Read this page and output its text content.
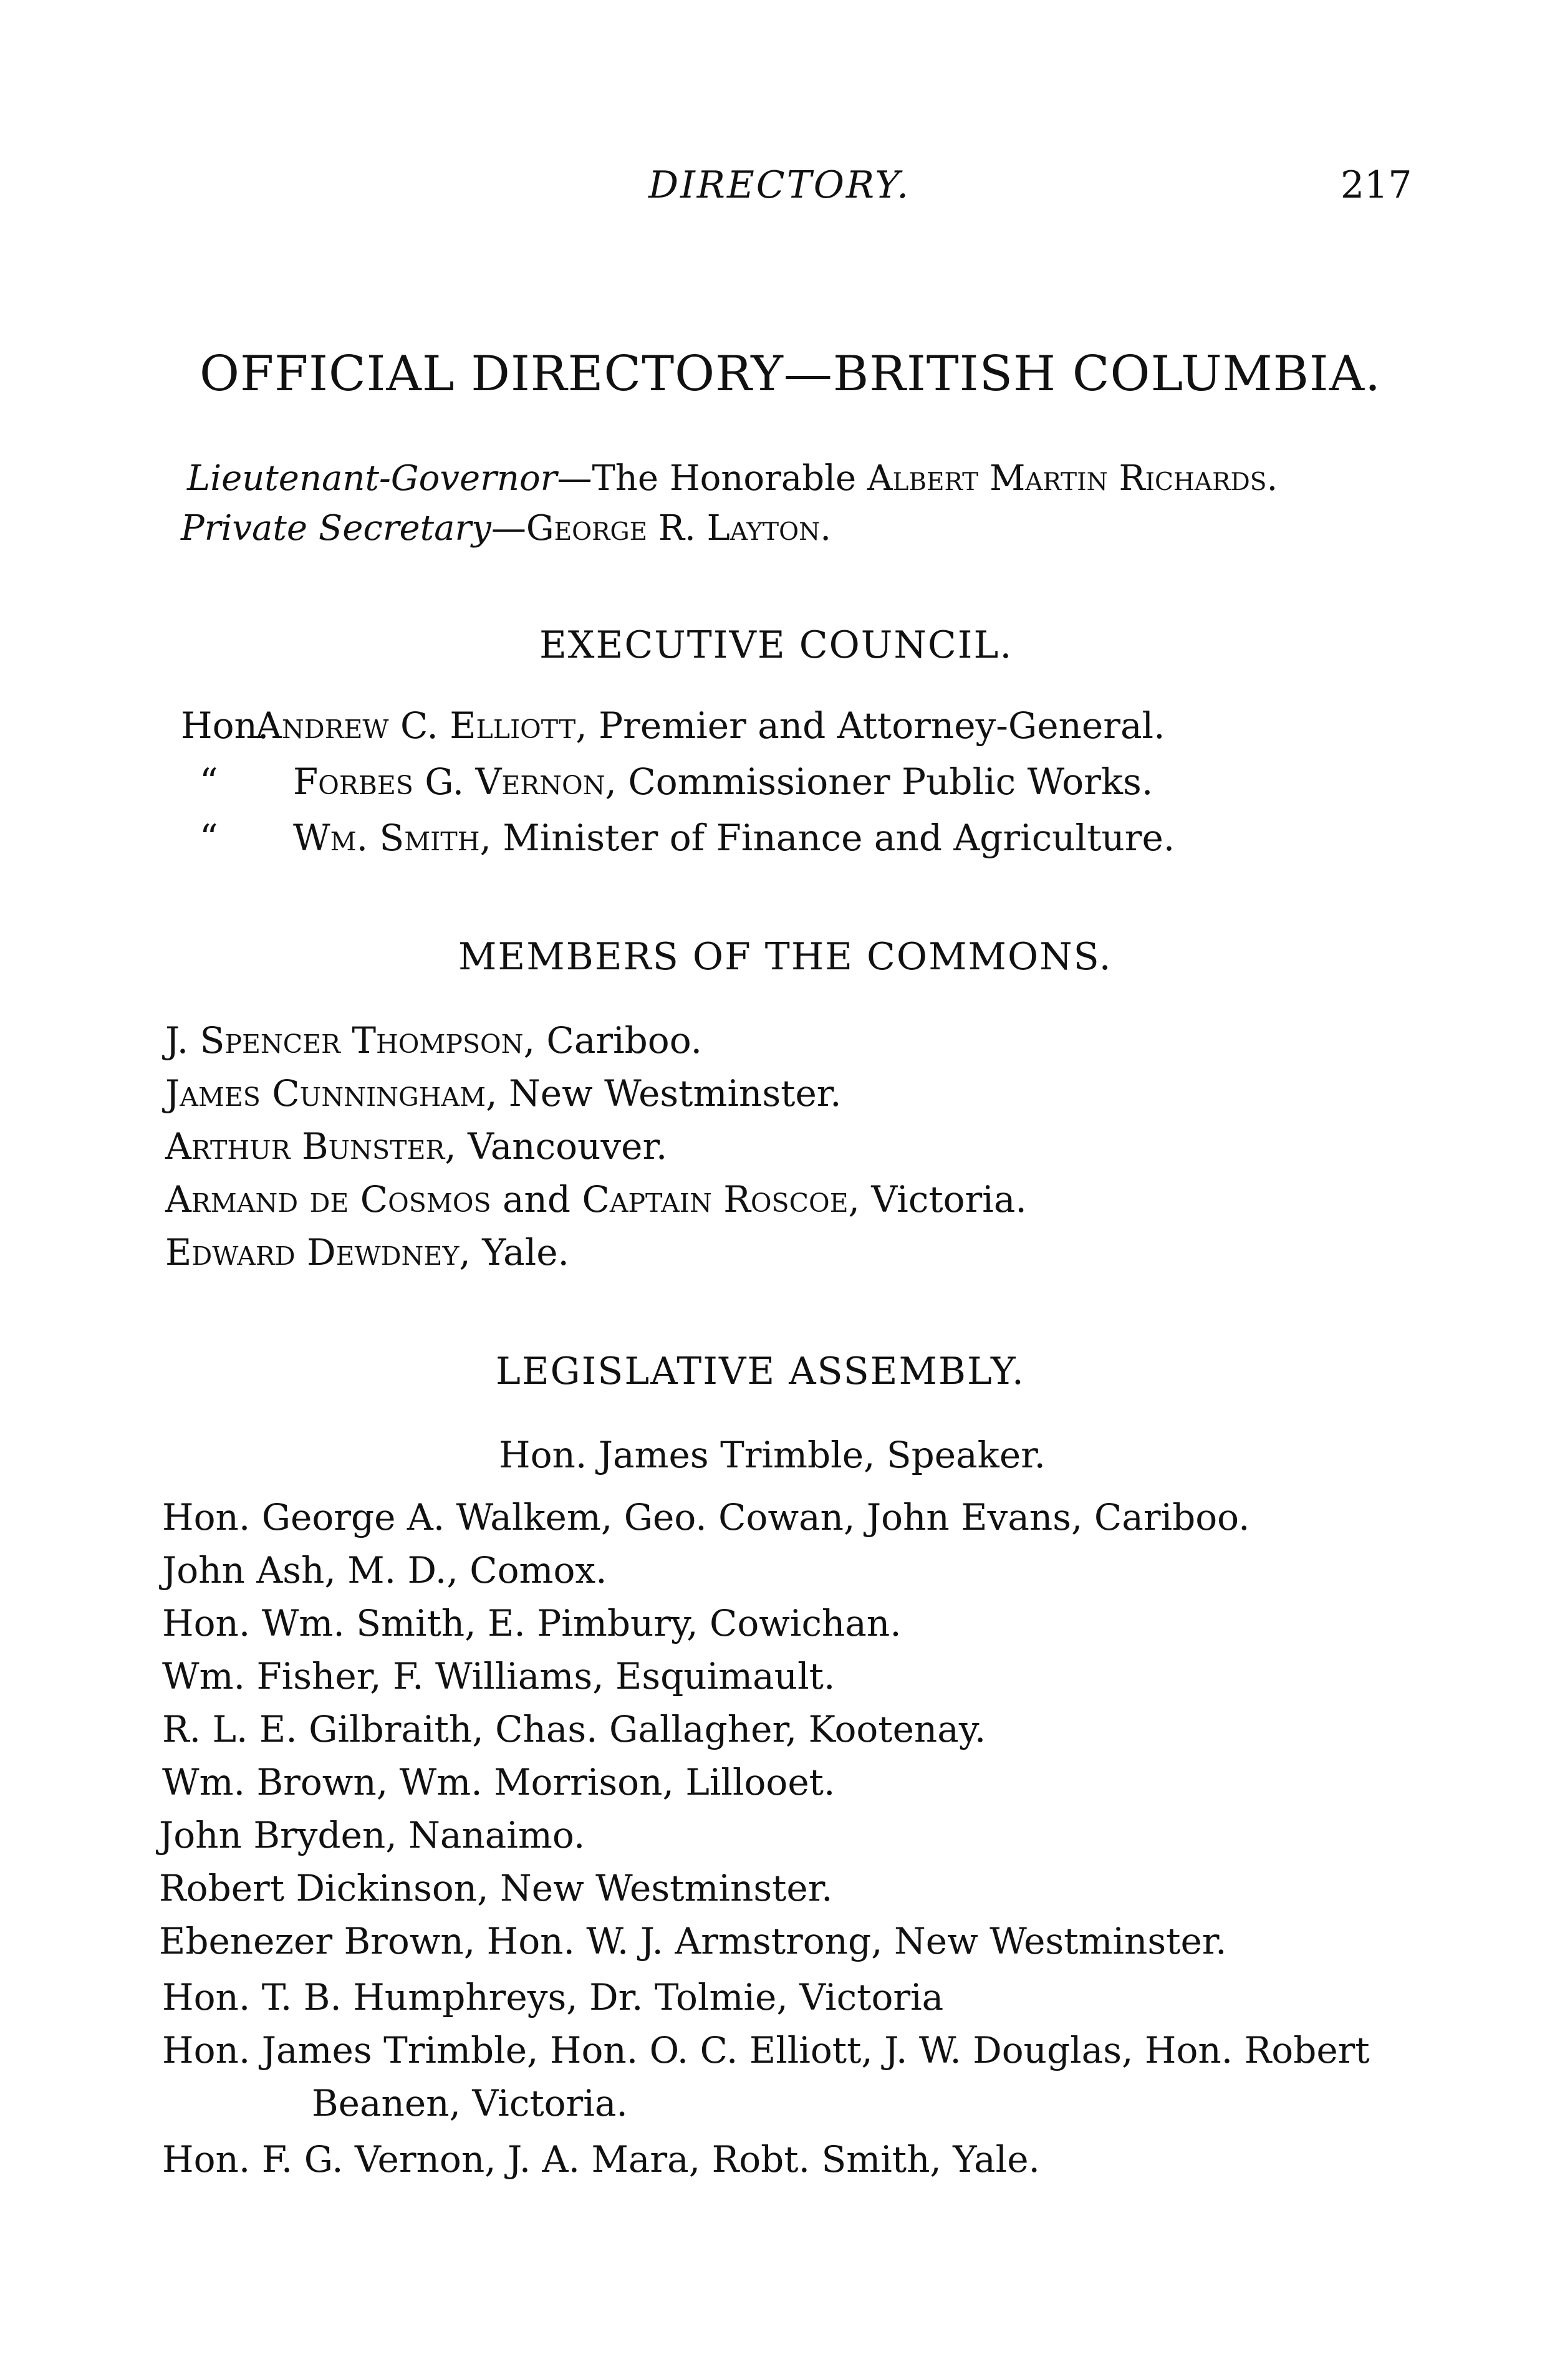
DIRECTORY.	217
OFFICIAL DIRECTORY—BRITISH COLUMBIA.
Lieutenant-Governor—The Honorable Albert Martin Richards.
Private Secretary—George R. Layton.
EXECUTIVE COUNCIL.
Hon.Andrew C. Elliott, Premier and Attorney-General.
“ Forbes G. Vernon, Commissioner Public Works.
“ Wm. Smith, Minister of Finance and Agriculture.
MEMBERS OF THE COMMONS.
J. Spencer Thompson, Cariboo.
James Cunningham, New Westminster.
Arthur Bunster, Vancouver.
Armand de Cosmos and Captain Roscoe, Victoria.
Edward Dewdney, Yale.
LEGISLATIVE ASSEMBLY.
Hon. James Trimble, Speaker.
Hon. George A. Walkem, Geo. Cowan, John Evans, Cariboo.
John Ash, M. D., Comox.
Hon. Wm. Smith, E. Pimbury, Cowichan.
Wm. Fisher, F. Williams, Esquimault.
R. L. E. Gilbraith, Chas. Gallagher, Kootenay.
Wm. Brown, Wm. Morrison, Lillooet.
John Bryden, Nanaimo.
Robert Dickinson, New Westminster.
Ebenezer Brown, Hon. W. J. Armstrong, New Westminster.
Hon. T. B. Humphreys, Dr. Tolmie, Victoria
Hon. James Trimble, Hon. O. C. Elliott, J. W. Douglas, Hon. Robert
Beanen, Victoria.
Hon. F. G. Vernon, J. A. Mara, Robt. Smith, Yale.
